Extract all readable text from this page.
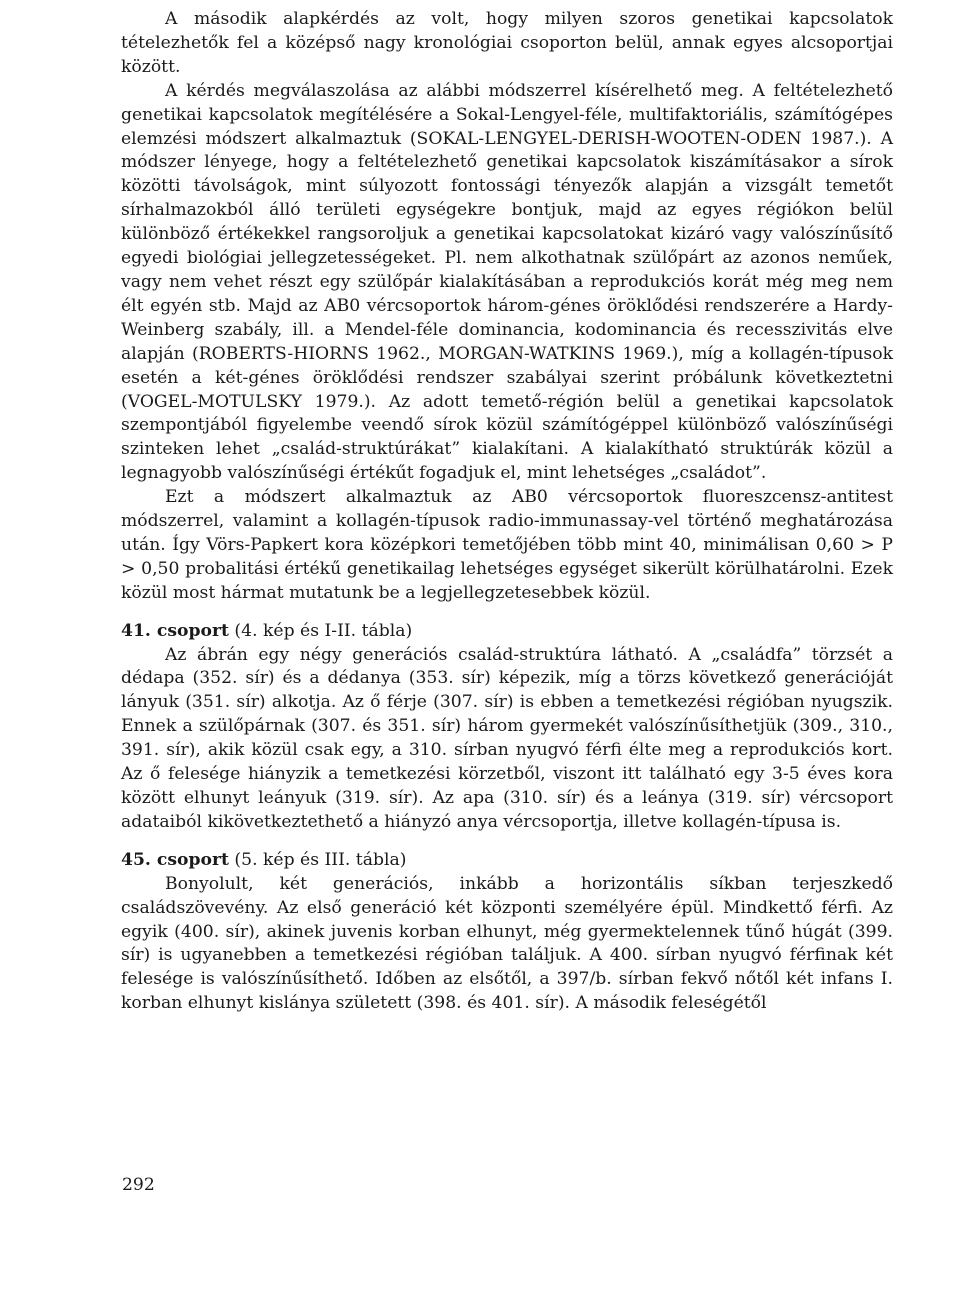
A második alapkérdés az volt, hogy milyen szoros genetikai kapcsolatok tételezhetők fel a középső nagy kronológiai csoporton belül, annak egyes alcsoportjai között.

A kérdés megválaszolása az alábbi módszerrel kísérelhető meg. A feltételezhető genetikai kapcsolatok megítélésére a Sokal-Lengyel-féle, multifaktoriális, számítógépes elemzési módszert alkalmaztuk (SOKAL-LENGYEL-DERISH-WOOTEN-ODEN 1987.). A módszer lényege, hogy a feltételezhető genetikai kapcsolatok kiszámításakor a sírok közötti távolságok, mint súlyozott fontossági tényezők alapján a vizsgált temetőt sírhalmazokból álló területi egységekre bontjuk, majd az egyes régiókon belül különböző értékekkel rangsoroljuk a genetikai kapcsolatokat kizáró vagy valószínűsítő egyedi biológiai jellegzetességeket. Pl. nem alkothatnak szülőpárt az azonos neműek, vagy nem vehet részt egy szülőpár kialakításában a reprodukciós korát még meg nem élt egyén stb. Majd az AB0 vércsoportok három-génes öröklődési rendszerére a Hardy-Weinberg szabály, ill. a Mendel-féle dominancia, kodominancia és recesszivitás elve alapján (ROBERTS-HIORNS 1962., MORGAN-WATKINS 1969.), míg a kollagén-típusok esetén a két-génes öröklődési rendszer szabályai szerint próbálunk következtetni (VOGEL-MOTULSKY 1979.). Az adott temető-régión belül a genetikai kapcsolatok szempontjából figyelembe veendő sírok közül számítógéppel különböző valószínűségi szinteken lehet „család-struktúrákat” kialakítani. A kialakítható struktúrák közül a legnagyobb valószínűségi értékűt fogadjuk el, mint lehetséges „családot”.

Ezt a módszert alkalmaztuk az AB0 vércsoportok fluoreszcensz-antitest módszerrel, valamint a kollagén-típusok radio-immunassay-vel történő meghatározása után. Így Vörs-Papkert kora középkori temetőjében több mint 40, minimálisan 0,60 > P > 0,50 probalitási értékű genetikailag lehetséges egységet sikerült körülhatárolni. Ezek közül most hármat mutatunk be a legjellegzetesebbek közül.

41. csoport (4. kép és I-II. tábla)

Az ábrán egy négy generációs család-struktúra látható. A „családfa” törzsét a dédapa (352. sír) és a dédanya (353. sír) képezik, míg a törzs következő generációját lányuk (351. sír) alkotja. Az ő férje (307. sír) is ebben a temetkezési régióban nyugszik. Ennek a szülőpárnak (307. és 351. sír) három gyermekét valószínűsíthetjük (309., 310., 391. sír), akik közül csak egy, a 310. sírban nyugvó férfi élte meg a reprodukciós kort. Az ő felesége hiányzik a temetkezési körzetből, viszont itt található egy 3-5 éves kora között elhunyt leányuk (319. sír). Az apa (310. sír) és a leánya (319. sír) vércsoport adataiból kikövetkeztethető a hiányzó anya vércsoportja, illetve kollagén-típusa is.

45. csoport (5. kép és III. tábla)

Bonyolult, két generációs, inkább a horizontális síkban terjeszkedő családszövevény. Az első generáció két központi személyére épül. Mindkettő férfi. Az egyik (400. sír), akinek juvenis korban elhunyt, még gyermektelennek tűnő húgát (399. sír) is ugyanebben a temetkezési régióban találjuk. A 400. sírban nyugvó férfinak két felesége is valószínűsíthető. Időben az elsőtől, a 397/b. sírban fekvő nőtől két infans I. korban elhunyt kislánya született (398. és 401. sír). A második feleségétől

292
